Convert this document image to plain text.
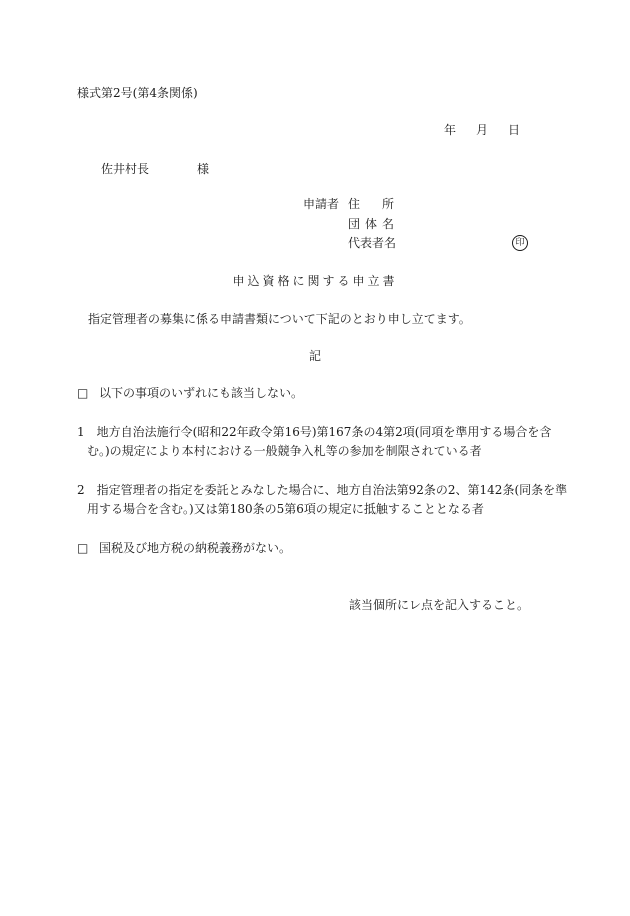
様式第2号(第4条関係)
年 月 日
佐井村長	様
申請者 住所
団体名
代表者名	印
申込資格に関する申立書
指定管理者の募集に係る申請書類について下記のとおり申し立てます。
記
□ 以下の事項のいずれにも該当しない。
1　地方自治法施行令(昭和22年政令第16号)第167条の4第2項(同項を準用する場合を含
む。)の規定により本村における一般競争入札等の参加を制限されている者
2　指定管理者の指定を委託とみなした場合に、地方自治法第92条の2、第142条(同条を準
用する場合を含む。)又は第180条の5第6項の規定に抵触することとなる者
□ 国税及び地方税の納税義務がない。
該当個所にレ点を記入すること。
